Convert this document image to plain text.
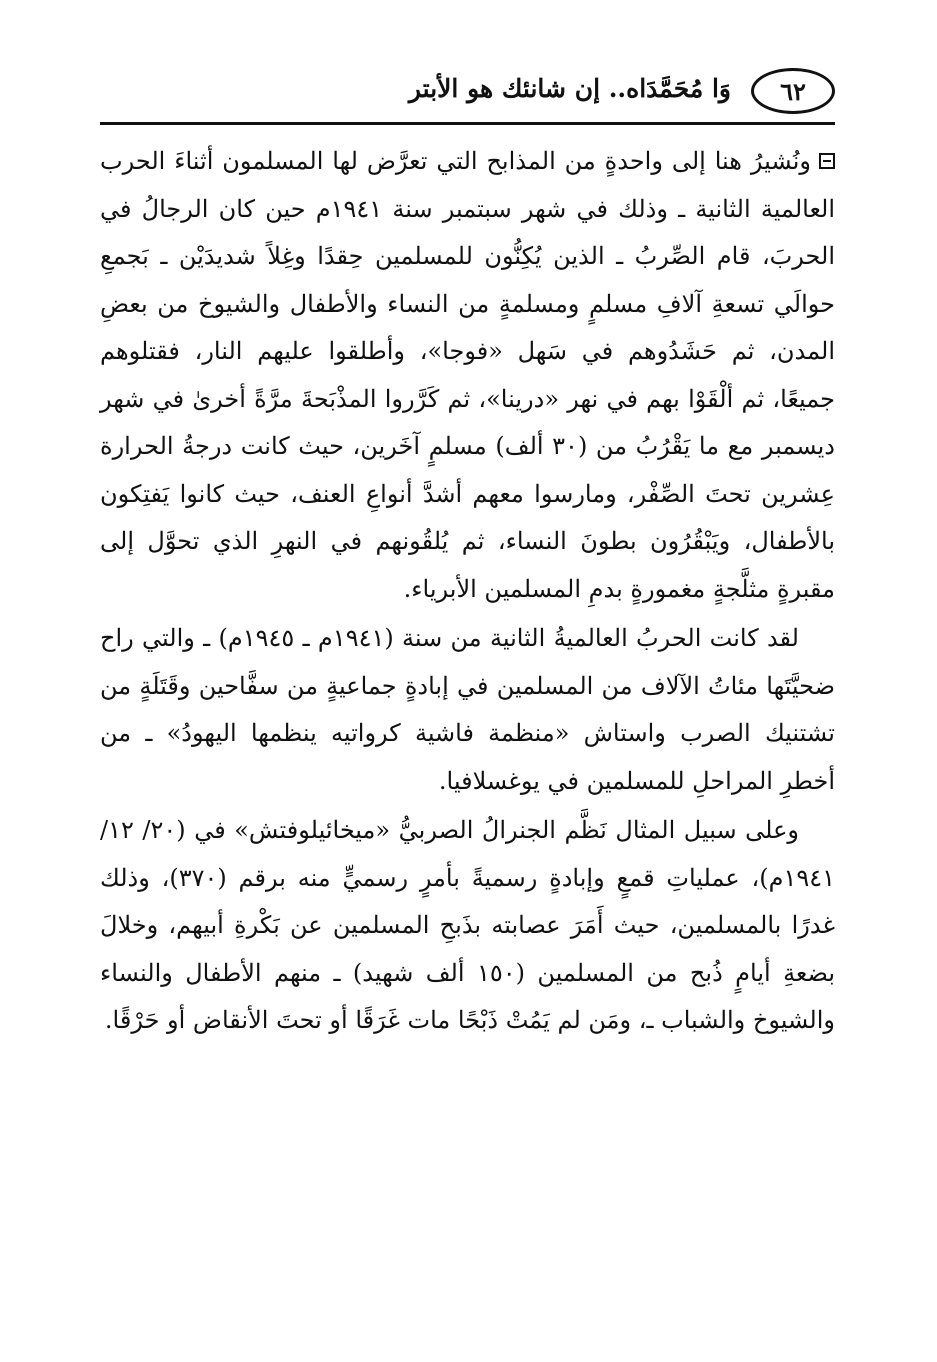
٦٢
وَا مُحَمَّدَاه.. إن شانئك هو الأبتر

ونُشيرُ هنا إلى واحدةٍ من المذابح التي تعرَّض لها المسلمون أثناءَ الحرب العالمية الثانية ـ وذلك في شهر سبتمبر سنة ١٩٤١م حين كان الرجالُ في الحربَ، قام الصِّربُ ـ الذين يُكِنُّون للمسلمين حِقدًا وغِلاً شديدَيْن ـ بَجمعِ حوالَي تسعةِ آلافِ مسلمٍ ومسلمةٍ من النساء والأطفال والشيوخ من بعضِ المدن، ثم حَشَدُوهم في سَهل «فوجا»، وأطلقوا عليهم النار، فقتلوهم جميعًا، ثم ألْقَوْا بهم في نهر «درينا»، ثم كَرَّروا المذْبَحةَ مرَّةً أخرىٰ في شهر ديسمبر مع ما يَقْرُبُ من (٣٠ ألف) مسلمٍ آخَرين، حيث كانت درجةُ الحرارة عِشرين تحتَ الصِّفْر، ومارسوا معهم أشدَّ أنواعِ العنف، حيث كانوا يَفتِكون بالأطفال، ويَبْقُرُون بطونَ النساء، ثم يُلقُونهم في النهرِ الذي تحوَّل إلى مقبرةٍ مثلَّجةٍ مغمورةٍ بدمِ المسلمين الأبرياء.

لقد كانت الحربُ العالميةُ الثانية من سنة (١٩٤١م ـ ١٩٤٥م) ـ والتي راح ضحيَّتَها مئاتُ الآلاف من المسلمين في إبادةٍ جماعيةٍ من سفَّاحين وقَتَلَةٍ من تشتنيك الصرب واستاش «منظمة فاشية كرواتيه ينظمها اليهودُ» ـ من أخطرِ المراحلِ للمسلمين في يوغسلافيا.

وعلى سبيل المثال نَظَّم الجنرالُ الصربيُّ «ميخائيلوفتش» في (٢٠/ ١٢/ ١٩٤١م)، عملياتِ قمعٍ وإبادةٍ رسميةً بأمرٍ رسميٍّ منه برقم (٣٧٠)، وذلك غدرًا بالمسلمين، حيث أَمَرَ عصابته بذَبحِ المسلمين عن بَكْرةِ أبيهم، وخلالَ بضعةِ أيامٍ ذُبح من المسلمين (١٥٠ ألف شهيد) ـ منهم الأطفال والنساء والشيوخ والشباب ـ، ومَن لم يَمُتْ ذَبْحًا مات غَرَقًا أو تحتَ الأنقاض أو حَرْقًا.
